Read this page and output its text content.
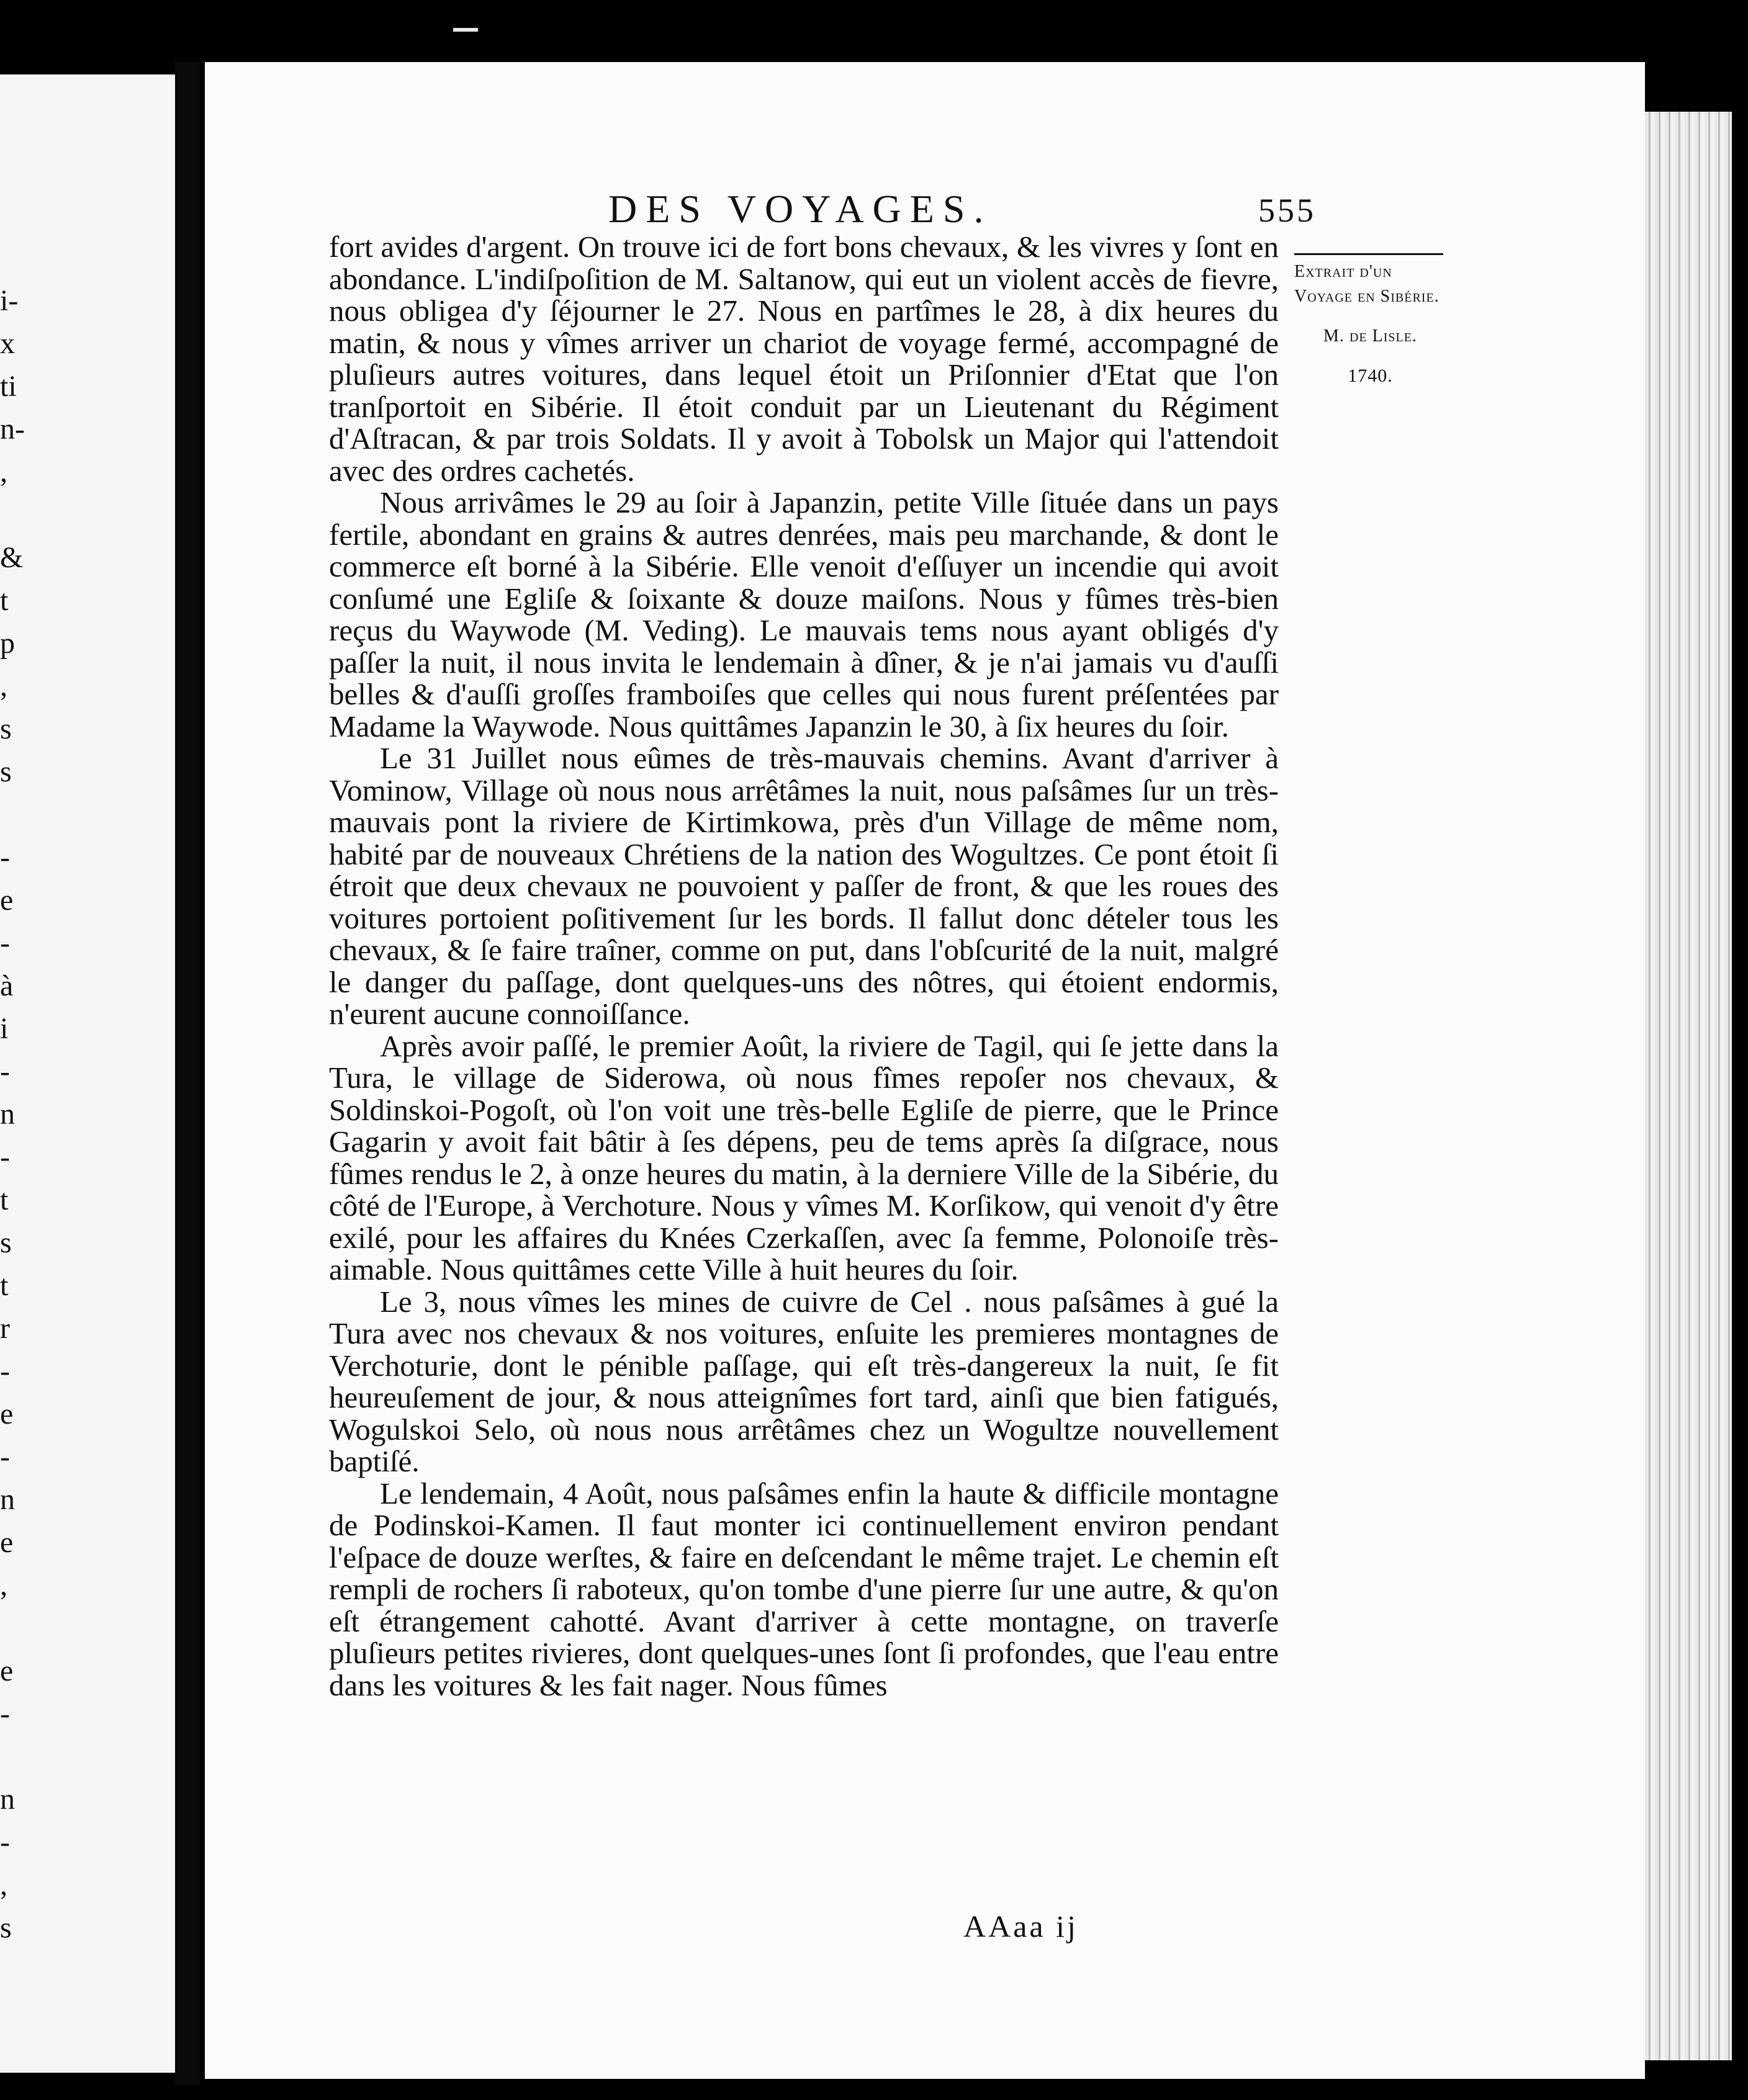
i-
x
ti
n-
,

&
t
p
,
s
s

-
e
-
à
i
-
n
-
t
s
t
r
-
e
-
n
e
,

e
-

n
-
,
s
DES VOYAGES.	555
Extrait d'un Voyage en Sibérie.
M. de Lisle.
1740.

fort avides d'argent. On trouve ici de fort bons chevaux, & les vivres y ſont en abondance. L'indiſpoſition de M. Saltanow, qui eut un violent accès de fievre, nous obligea d'y ſéjourner le 27. Nous en partîmes le 28, à dix heures du matin, & nous y vîmes arriver un chariot de voyage fermé, accompagné de pluſieurs autres voitures, dans lequel étoit un Priſonnier d'Etat que l'on tranſportoit en Sibérie. Il étoit conduit par un Lieutenant du Régiment d'Aſtracan, & par trois Soldats. Il y avoit à Tobolsk un Major qui l'attendoit avec des ordres cachetés.

Nous arrivâmes le 29 au ſoir à Japanzin, petite Ville ſituée dans un pays fertile, abondant en grains & autres denrées, mais peu marchande, & dont le commerce eſt borné à la Sibérie. Elle venoit d'eſſuyer un incendie qui avoit conſumé une Egliſe & ſoixante & douze maiſons. Nous y fûmes très-bien reçus du Waywode (M. Veding). Le mauvais tems nous ayant obligés d'y paſſer la nuit, il nous invita le lendemain à dîner, & je n'ai jamais vu d'auſſi belles & d'auſſi groſſes framboiſes que celles qui nous furent préſentées par Madame la Waywode. Nous quittâmes Japanzin le 30, à ſix heures du ſoir.

Le 31 Juillet nous eûmes de très-mauvais chemins. Avant d'arriver à Vominow, Village où nous nous arrêtâmes la nuit, nous paſsâmes ſur un très-mauvais pont la riviere de Kirtimkowa, près d'un Village de même nom, habité par de nouveaux Chrétiens de la nation des Wogultzes. Ce pont étoit ſi étroit que deux chevaux ne pouvoient y paſſer de front, & que les roues des voitures portoient poſitivement ſur les bords. Il fallut donc dételer tous les chevaux, & ſe faire traîner, comme on put, dans l'obſcurité de la nuit, malgré le danger du paſſage, dont quelques-uns des nôtres, qui étoient endormis, n'eurent aucune connoiſſance.

Après avoir paſſé, le premier Août, la riviere de Tagil, qui ſe jette dans la Tura, le village de Siderowa, où nous fîmes repoſer nos chevaux, & Soldinskoi-Pogoſt, où l'on voit une très-belle Egliſe de pierre, que le Prince Gagarin y avoit fait bâtir à ſes dépens, peu de tems après ſa diſgrace, nous fûmes rendus le 2, à onze heures du matin, à la derniere Ville de la Sibérie, du côté de l'Europe, à Verchoture. Nous y vîmes M. Korſikow, qui venoit d'y être exilé, pour les affaires du Knées Czerkaſſen, avec ſa femme, Polonoiſe très-aimable. Nous quittâmes cette Ville à huit heures du ſoir.

Le 3, nous vîmes les mines de cuivre de Cel . nous paſsâmes à gué la Tura avec nos chevaux & nos voitures, enſuite les premieres montagnes de Verchoturie, dont le pénible paſſage, qui eſt très-dangereux la nuit, ſe fit heureuſement de jour, & nous atteignîmes fort tard, ainſi que bien fatigués, Wogulskoi Selo, où nous nous arrêtâmes chez un Wogultze nouvellement baptiſé.

Le lendemain, 4 Août, nous paſsâmes enfin la haute & difficile montagne de Podinskoi-Kamen. Il faut monter ici continuellement environ pendant l'eſpace de douze werſtes, & faire en deſcendant le même trajet. Le chemin eſt rempli de rochers ſi raboteux, qu'on tombe d'une pierre ſur une autre, & qu'on eſt étrangement cahotté. Avant d'arriver à cette montagne, on traverſe pluſieurs petites rivieres, dont quelques-unes ſont ſi profondes, que l'eau entre dans les voitures & les fait nager. Nous fûmes

AAaa ij
